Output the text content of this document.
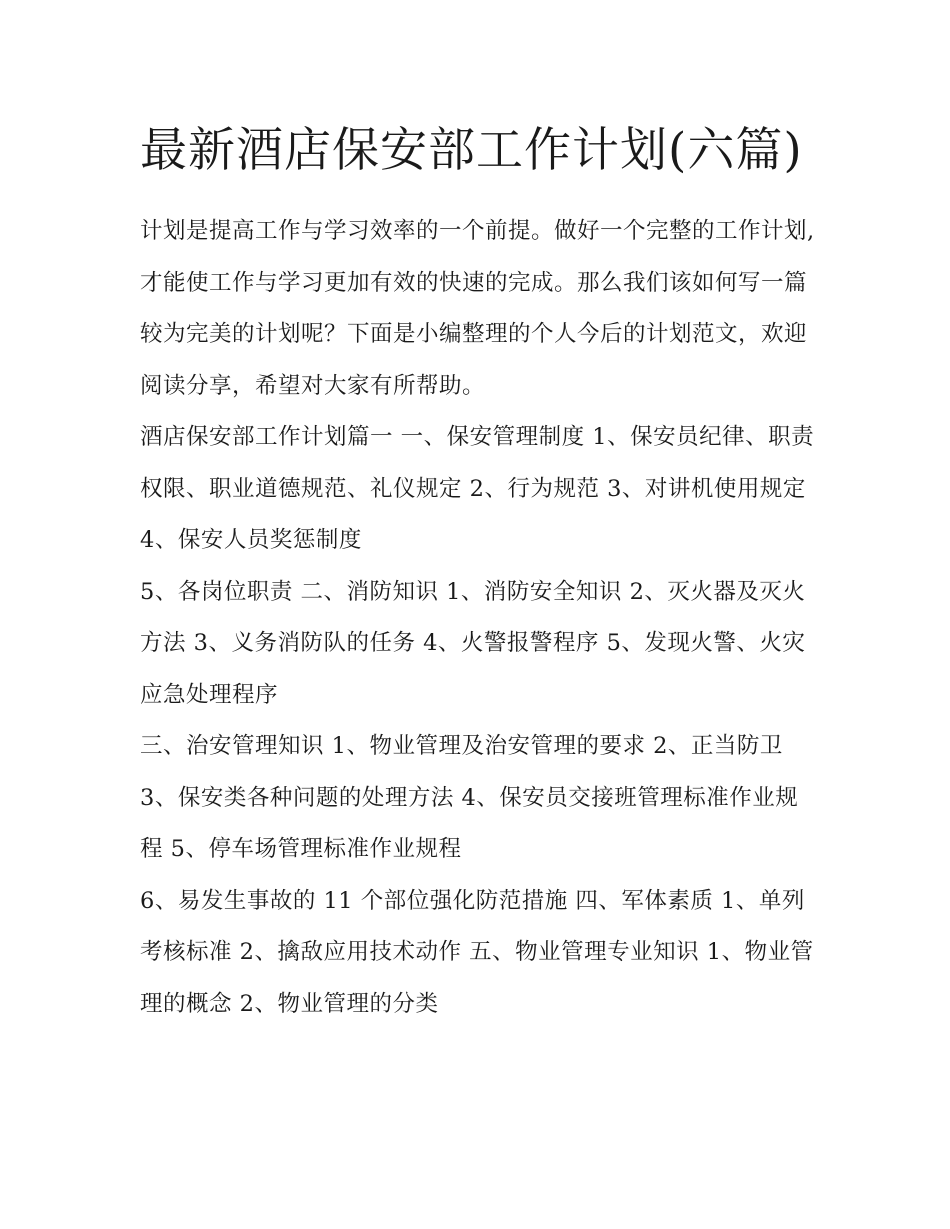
最新酒店保安部工作计划(六篇)

计划是提高工作与学习效率的一个前提。做好一个完整的工作计划,才能使工作与学习更加有效的快速的完成。那么我们该如何写一篇较为完美的计划呢？下面是小编整理的个人今后的计划范文，欢迎阅读分享，希望对大家有所帮助。

酒店保安部工作计划篇一 一、保安管理制度 1、保安员纪律、职责权限、职业道德规范、礼仪规定 2、行为规范 3、对讲机使用规定 4、保安人员奖惩制度

5、各岗位职责 二、消防知识 1、消防安全知识 2、灭火器及灭火方法 3、义务消防队的任务 4、火警报警程序 5、发现火警、火灾应急处理程序

三、治安管理知识 1、物业管理及治安管理的要求 2、正当防卫 3、保安类各种问题的处理方法 4、保安员交接班管理标准作业规程 5、停车场管理标准作业规程

6、易发生事故的 11 个部位强化防范措施 四、军体素质 1、单列考核标准 2、擒敌应用技术动作 五、物业管理专业知识 1、物业管理的概念 2、物业管理的分类
